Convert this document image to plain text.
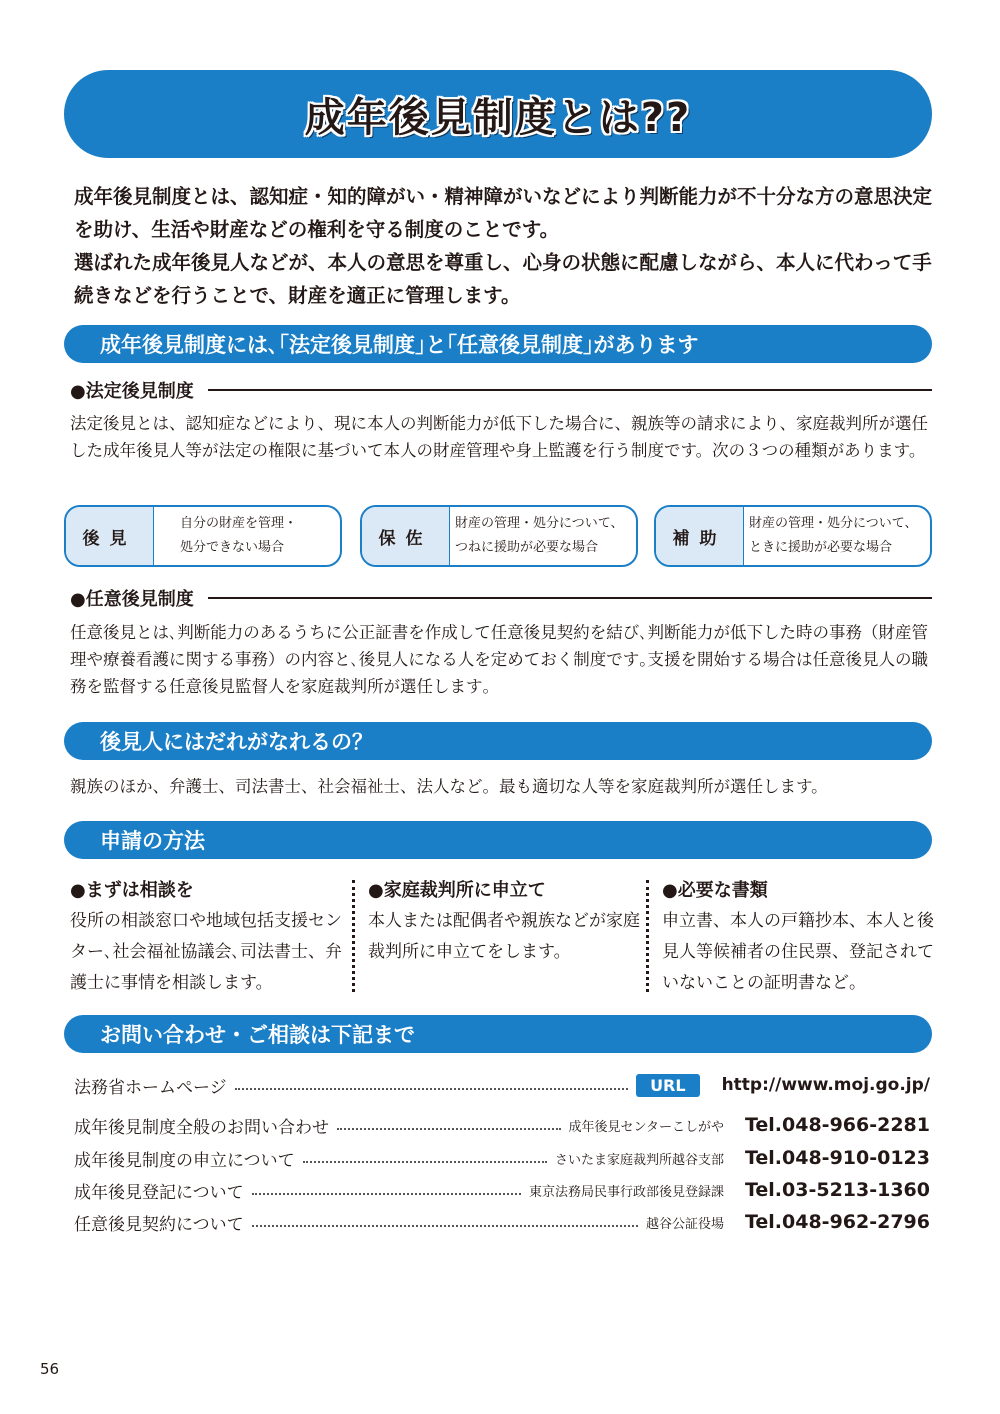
成年後見制度とは??

成年後見制度とは、認知症・知的障がい・精神障がいなどにより判断能力が不十分な方の意思決定を助け、生活や財産などの権利を守る制度のことです。

選ばれた成年後見人などが、本人の意思を尊重し、心身の状態に配慮しながら、本人に代わって手続きなどを行うことで、財産を適正に管理します。

成年後見制度には､｢法定後見制度｣と｢任意後見制度｣があります
●法定後見制度
法定後見とは、認知症などにより、現に本人の判断能力が低下した場合に、親族等の請求により、家庭裁判所が選任した成年後見人等が法定の権限に基づいて本人の財産管理や身上監護を行う制度です。次の３つの種類があります。
後見
自分の財産を管理・
処分できない場合	保佐
財産の管理・処分について、
つねに援助が必要な場合	補助
財産の管理・処分について、
ときに援助が必要な場合
●任意後見制度
任意後見とは､判断能力のあるうちに公正証書を作成して任意後見契約を結び､判断能力が低下した時の事務（財産管理や療養看護に関する事務）の内容と､後見人になる人を定めておく制度です｡支援を開始する場合は任意後見人の職務を監督する任意後見監督人を家庭裁判所が選任します｡
後見人にはだれがなれるの？
親族のほか、弁護士、司法書士、社会福祉士、法人など。最も適切な人等を家庭裁判所が選任します。
申請の方法
●まずは相談を
役所の相談窓口や地域包括支援センター､社会福祉協議会､司法書士、弁護士に事情を相談します。
●家庭裁判所に申立て
本人または配偶者や親族などが家庭裁判所に申立てをします。
●必要な書類
申立書、本人の戸籍抄本、本人と後見人等候補者の住民票、登記されていないことの証明書など。
お問い合わせ・ご相談は下記まで
法務省ホームページ	URL	http://www.moj.go.jp/
成年後見制度全般のお問い合わせ	成年後見センターこしがや	Tel.048-966-2281
成年後見制度の申立について	さいたま家庭裁判所越谷支部	Tel.048-910-0123
成年後見登記について	東京法務局民事行政部後見登録課	Tel.03-5213-1360
任意後見契約について	越谷公証役場	Tel.048-962-2796
56
